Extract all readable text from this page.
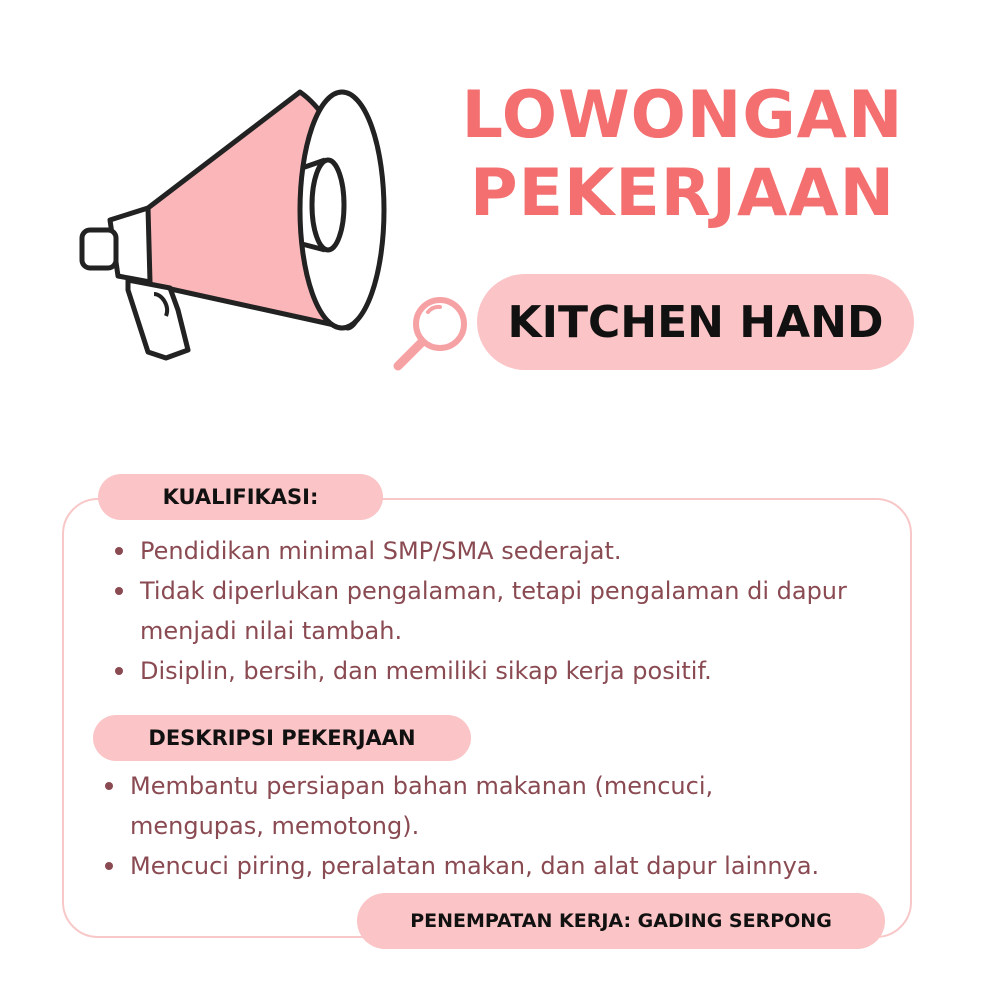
LOWONGAN
PEKERJAAN
KITCHEN HAND
KUALIFIKASI:
Pendidikan minimal SMP/SMA sederajat.
Tidak diperlukan pengalaman, tetapi pengalaman di dapur menjadi nilai tambah.
Disiplin, bersih, dan memiliki sikap kerja positif.
DESKRIPSI PEKERJAAN
Membantu persiapan bahan makanan (mencuci, mengupas, memotong).
Mencuci piring, peralatan makan, dan alat dapur lainnya.
PENEMPATAN KERJA: GADING SERPONG
